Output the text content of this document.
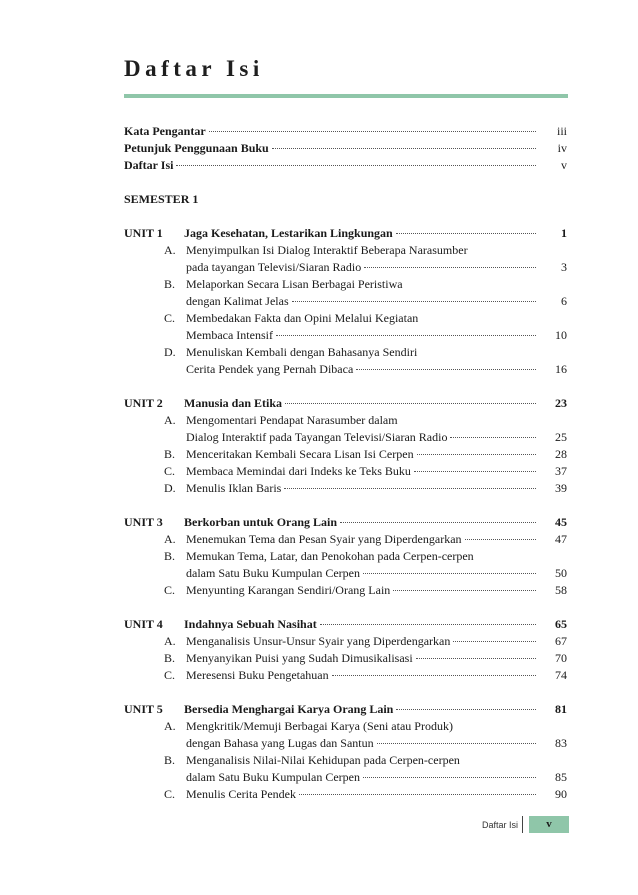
Daftar Isi
Kata Pengantar	iii
Petunjuk Penggunaan Buku	iv
Daftar Isi	v
SEMESTER 1
UNIT 1	Jaga Kesehatan, Lestarikan Lingkungan	1
A. Menyimpulkan Isi Dialog Interaktif Beberapa Narasumber
pada tayangan Televisi/Siaran Radio	3
B. Melaporkan Secara Lisan Berbagai Peristiwa
dengan Kalimat Jelas	6
C. Membedakan Fakta dan Opini Melalui Kegiatan
Membaca Intensif	10
D. Menuliskan Kembali dengan Bahasanya Sendiri
Cerita Pendek yang Pernah Dibaca	16
UNIT 2	Manusia dan Etika	23
A. Mengomentari Pendapat Narasumber dalam
Dialog Interaktif pada Tayangan Televisi/Siaran Radio	25
B. Menceritakan Kembali Secara Lisan Isi Cerpen	28
C. Membaca Memindai dari Indeks ke Teks Buku	37
D. Menulis Iklan Baris	39
UNIT 3	Berkorban untuk Orang Lain	45
A. Menemukan Tema dan Pesan Syair yang Diperdengarkan	47
B. Memukan Tema, Latar, dan Penokohan pada Cerpen-cerpen
dalam Satu Buku Kumpulan Cerpen	50
C. Menyunting Karangan Sendiri/Orang Lain	58
UNIT 4	Indahnya Sebuah Nasihat	65
A. Menganalisis Unsur-Unsur Syair yang Diperdengarkan	67
B. Menyanyikan Puisi yang Sudah Dimusikalisasi	70
C. Meresensi Buku Pengetahuan	74
UNIT 5	Bersedia Menghargai Karya Orang Lain	81
A. Mengkritik/Memuji Berbagai Karya (Seni atau Produk)
dengan Bahasa yang Lugas dan Santun	83
B. Menganalisis Nilai-Nilai Kehidupan pada Cerpen-cerpen
dalam Satu Buku Kumpulan Cerpen	85
C. Menulis Cerita Pendek	90
Daftar Isi	v
